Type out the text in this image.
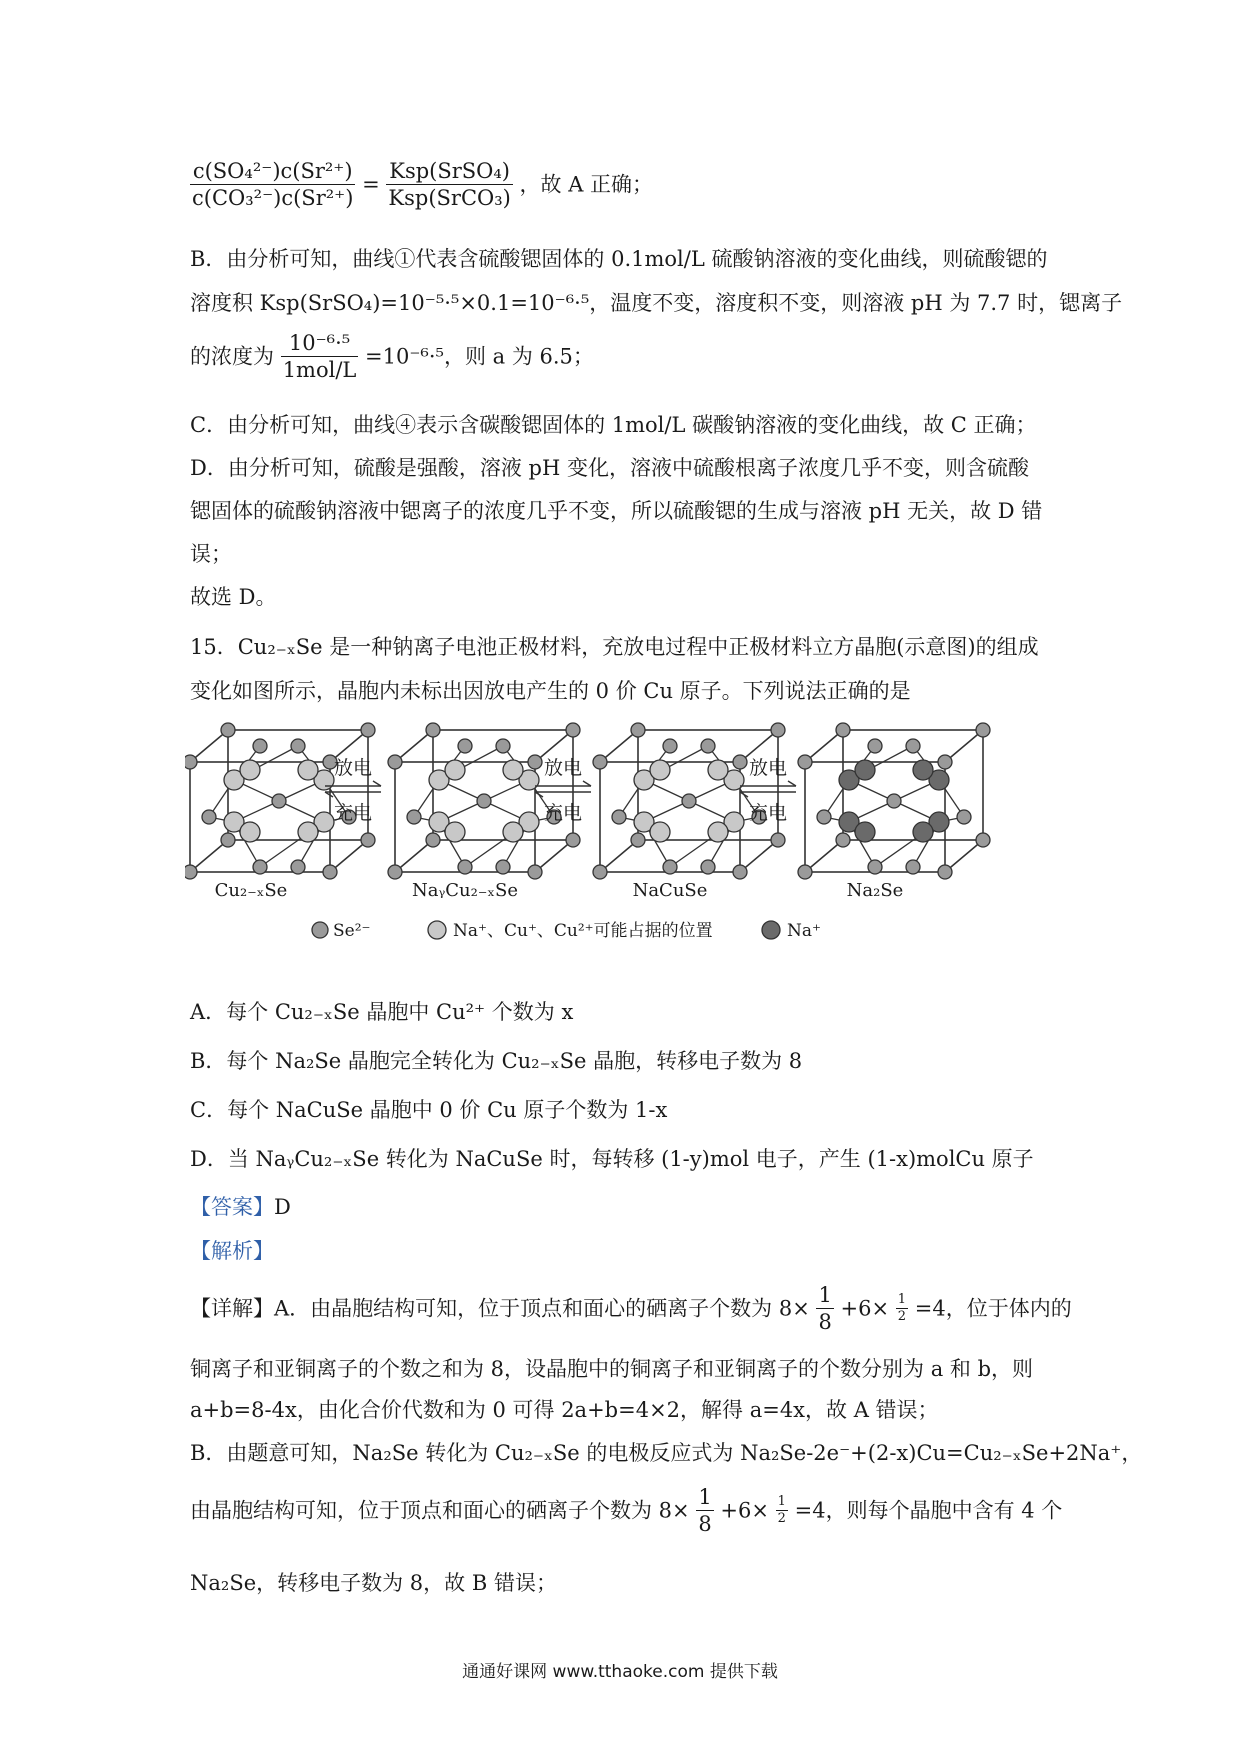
$\frac{\text{c(SO₄²⁻)c(Sr²⁺)}}{\text{c(CO₃²⁻)c(Sr²⁺)}} = \frac{\text{Ksp(SrSO₄)}}{\text{Ksp(SrCO₃)}}$ ，故 A 正确；
B．由分析可知，曲线①代表含硫酸锶固体的 0.1mol/L 硫酸钠溶液的变化曲线，则硫酸锶的
溶度积 Ksp(SrSO₄)=10⁻⁵·⁵×0.1=10⁻⁶·⁵，温度不变，溶度积不变，则溶液 pH 为 7.7 时，锶离子
的浓度为 $\frac{\text{10⁻⁶·⁵}}{\text{1mol/L}} =10^{-6}\cdot^5$，则 a 为 6.5；
C．由分析可知，曲线④表示含碳酸锶固体的 1mol/L 碳酸钠溶液的变化曲线，故 C 正确；
D．由分析可知，硫酸是强酸，溶液 pH 变化，溶液中硫酸根离子浓度几乎不变，则含硫酸
锶固体的硫酸钠溶液中锶离子的浓度几乎不变，所以硫酸锶的生成与溶液 pH 无关，故 D 错
误；
故选 D。
15．Cu₂₋ₓSe 是一种钠离子电池正极材料，充放电过程中正极材料立方晶胞(示意图)的组成
变化如图所示，晶胞内未标出因放电产生的 0 价 Cu 原子。下列说法正确的是
放电
充电
放电
充电
放电
充电
Cu₂₋ₓSe	NaᵧCu₂₋ₓSe	NaCuSe	Na₂Se
Se²⁻	Na⁺、Cu⁺、Cu²⁺可能占据的位置	Na⁺
A．每个 Cu₂₋ₓSe 晶胞中 Cu²⁺ 个数为 x
B．每个 Na₂Se 晶胞完全转化为 Cu₂₋ₓSe 晶胞，转移电子数为 8
C．每个 NaCuSe 晶胞中 0 价 Cu 原子个数为 1-x
D．当 NaᵧCu₂₋ₓSe 转化为 NaCuSe 时，每转移 (1-y)mol 电子，产生 (1-x)molCu 原子
【答案】D
【解析】
【详解】A．由晶胞结构可知，位于顶点和面心的硒离子个数为 $8\times \frac{1}{8} +6\times \frac{1}{2} =4$，位于体内的
铜离子和亚铜离子的个数之和为 8，设晶胞中的铜离子和亚铜离子的个数分别为 a 和 b，则
a+b=8-4x，由化合价代数和为 0 可得 2a+b=4×2，解得 a=4x，故 A 错误；
B．由题意可知，Na₂Se 转化为 Cu₂₋ₓSe 的电极反应式为 Na₂Se-2e⁻+(2-x)Cu=Cu₂₋ₓSe+2Na⁺，
由晶胞结构可知，位于顶点和面心的硒离子个数为 $8\times \frac{1}{8} +6\times \frac{1}{2} =4$，则每个晶胞中含有 4 个
Na₂Se，转移电子数为 8，故 B 错误；
通通好课网 www.tthaoke.com 提供下载
